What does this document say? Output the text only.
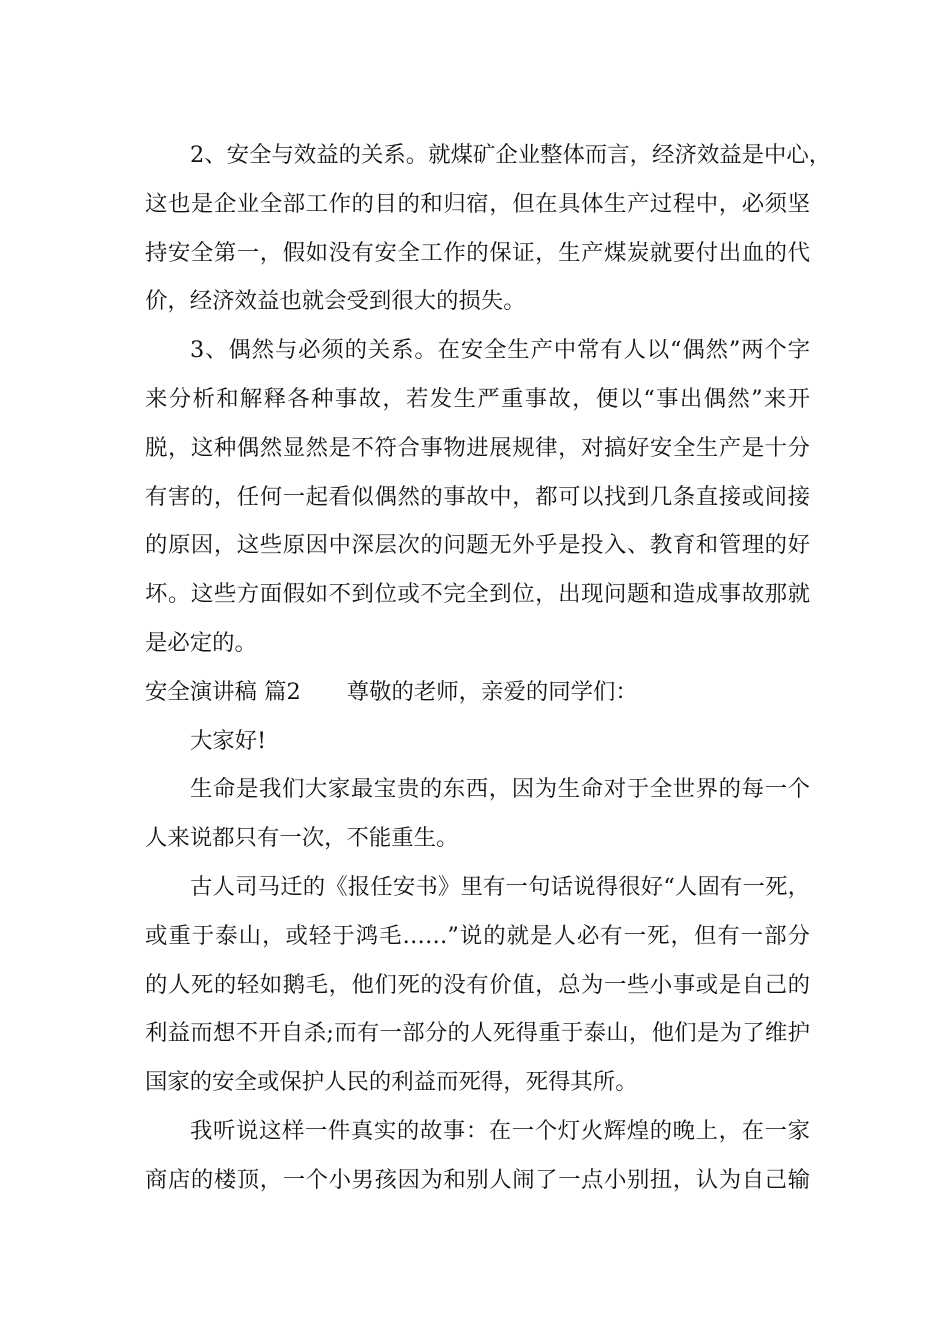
2、安全与效益的关系。就煤矿企业整体而言，经济效益是中心，
这也是企业全部工作的目的和归宿，但在具体生产过程中，必须坚
持安全第一，假如没有安全工作的保证，生产煤炭就要付出血的代
价，经济效益也就会受到很大的损失。
3、偶然与必须的关系。在安全生产中常有人以“偶然”两个字
来分析和解释各种事故，若发生严重事故，便以“事出偶然”来开
脱，这种偶然显然是不符合事物进展规律，对搞好安全生产是十分
有害的，任何一起看似偶然的事故中，都可以找到几条直接或间接
的原因，这些原因中深层次的问题无外乎是投入、教育和管理的好
坏。这些方面假如不到位或不完全到位，出现问题和造成事故那就
是必定的。
安全演讲稿 篇2 尊敬的老师，亲爱的同学们：
大家好!
生命是我们大家最宝贵的东西，因为生命对于全世界的每一个
人来说都只有一次，不能重生。
古人司马迁的《报任安书》里有一句话说得很好“人固有一死，
或重于泰山，或轻于鸿毛……”说的就是人必有一死，但有一部分
的人死的轻如鹅毛，他们死的没有价值，总为一些小事或是自己的
利益而想不开自杀;而有一部分的人死得重于泰山，他们是为了维护
国家的安全或保护人民的利益而死得，死得其所。
我听说这样一件真实的故事：在一个灯火辉煌的晚上，在一家
商店的楼顶，一个小男孩因为和别人闹了一点小别扭，认为自己输
